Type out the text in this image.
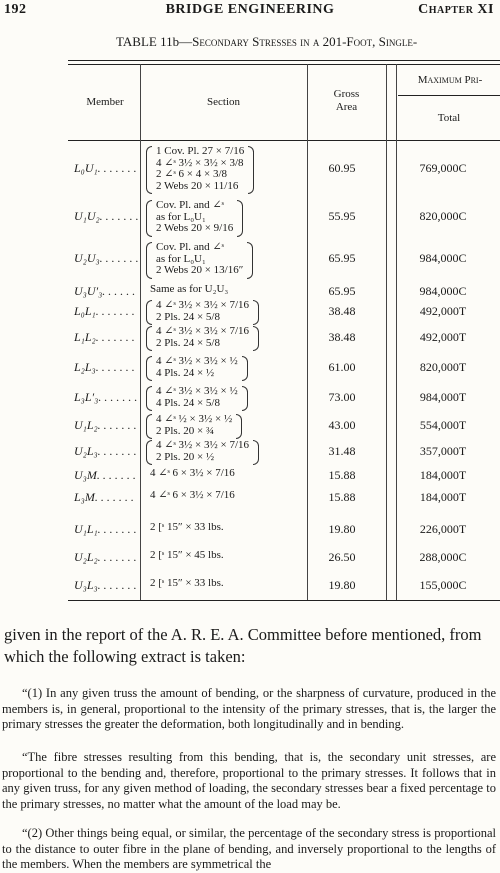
192	BRIDGE ENGINEERING	Chapter XI
TABLE 11b—Secondary Stresses in a 201-Foot, Single-
Member	Section
Gross
Area
Maximum Pri-
Total
L₀U₁. . . . . . .
1 Cov. Pl. 27 × 7/16
4 ∠ˢ 3½ × 3½ × 3/8
2 ∠ˢ 6 × 4 × 3/8
2 Webs 20 × 11/16
60.95	769,000C
U₁U₂. . . . . . .
Cov. Pl. and ∠ˢ
as for L₀U₁
2 Webs 20 × 9/16
55.95	820,000C
U₂U₃. . . . . . .
Cov. Pl. and ∠ˢ
as for L₀U₁
2 Webs 20 × 13/16″
65.95	984,000C
U₃U′₃. . . . . . Same as for U₂U₃	65.95	984,000C
L₀L₁. . . . . . . 4 ∠ˢ 3½ × 3½ × 7/16
2 Pls. 24 × 5/8	38.48	492,000T
L₁L₂. . . . . . . 4 ∠ˢ 3½ × 3½ × 7/16
2 Pls. 24 × 5/8	38.48	492,000T
L₂L₃. . . . . . . 4 ∠ˢ 3½ × 3½ × ½
4 Pls. 24 × ½	61.00	820,000T
L₃L′₃. . . . . . . 4 ∠ˢ 3½ × 3½ × ½
4 Pls. 24 × 5/8	73.00	984,000T
U₁L₂. . . . . . . 4 ∠ˢ ½ × 3½ × ½
2 Pls. 20 × ¾	43.00	554,000T
U₂L₃. . . . . . . 4 ∠ˢ 3½ × 3½ × 7/16
2 Pls. 20 × ½	31.48	357,000T
U₃M. . . . . . . 4 ∠ˢ 6 × 3½ × 7/16	15.88	184,000T
L₃M. . . . . . . 4 ∠ˢ 6 × 3½ × 7/16	15.88	184,000T
U₁L₁. . . . . . . 2 [ˢ 15″ × 33 lbs.	19.80	226,000T
U₂L₂. . . . . . . 2 [ˢ 15″ × 45 lbs.	26.50	288,000C
U₃L₃. . . . . . . 2 [ˢ 15″ × 33 lbs.	19.80	155,000C
given in the report of the A. R. E. A. Committee before mentioned, from which the following extract is taken:
“(1) In any given truss the amount of bending, or the sharpness of curvature, produced in the members is, in general, proportional to the intensity of the primary stresses, that is, the larger the primary stresses the greater the deformation, both longitudinally and in bending.
“The fibre stresses resulting from this bending, that is, the secondary unit stresses, are proportional to the bending and, therefore, proportional to the primary stresses. It follows that in any given truss, for any given method of loading, the secondary stresses bear a fixed percentage to the primary stresses, no matter what the amount of the load may be.
“(2) Other things being equal, or similar, the percentage of the secondary stress is proportional to the distance to outer fibre in the plane of bending, and inversely proportional to the lengths of the members. When the members are symmetrical the
